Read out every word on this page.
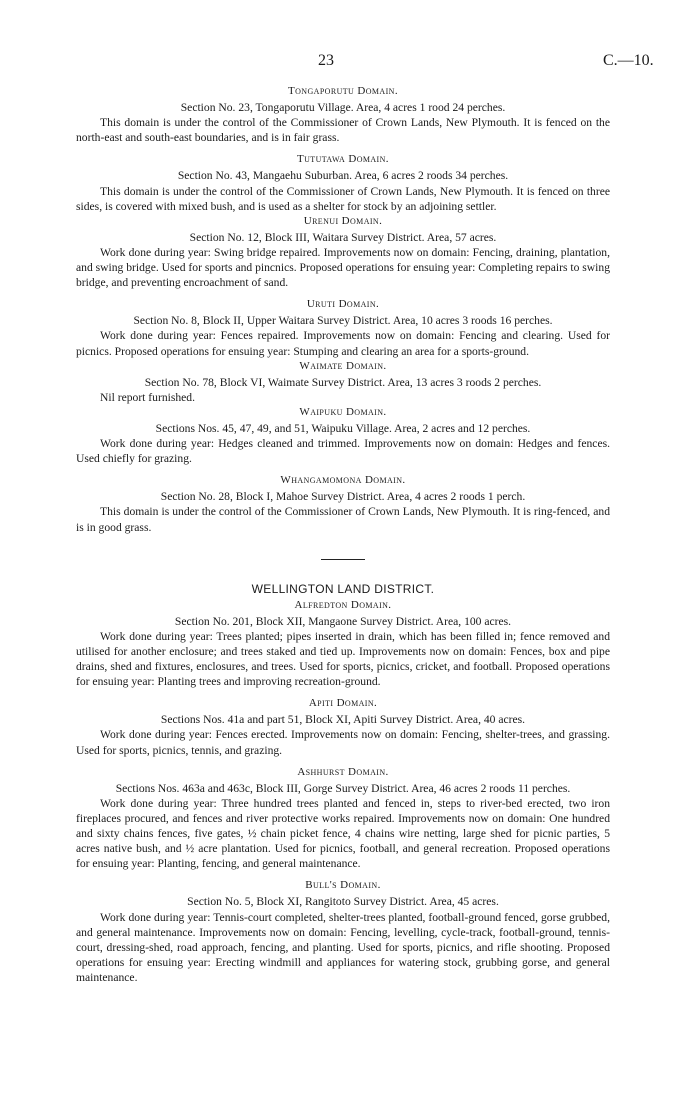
23	C.—10.

Tongaporutu Domain.

Section No. 23, Tongaporutu Village. Area, 4 acres 1 rood 24 perches.

This domain is under the control of the Commissioner of Crown Lands, New Plymouth. It is fenced on the north-east and south-east boundaries, and is in fair grass.

Tututawa Domain.

Section No. 43, Mangaehu Suburban. Area, 6 acres 2 roods 34 perches.

This domain is under the control of the Commissioner of Crown Lands, New Plymouth. It is fenced on three sides, is covered with mixed bush, and is used as a shelter for stock by an adjoining settler.

Urenui Domain.

Section No. 12, Block III, Waitara Survey District. Area, 57 acres.

Work done during year: Swing bridge repaired. Improvements now on domain: Fencing, draining, plantation, and swing bridge. Used for sports and pincnics. Proposed operations for ensuing year: Completing repairs to swing bridge, and preventing encroachment of sand.

Uruti Domain.

Section No. 8, Block II, Upper Waitara Survey District. Area, 10 acres 3 roods 16 perches.

Work done during year: Fences repaired. Improvements now on domain: Fencing and clearing. Used for picnics. Proposed operations for ensuing year: Stumping and clearing an area for a sports-ground.

Waimate Domain.

Section No. 78, Block VI, Waimate Survey District. Area, 13 acres 3 roods 2 perches.

Nil report furnished.

Waipuku Domain.

Sections Nos. 45, 47, 49, and 51, Waipuku Village. Area, 2 acres and 12 perches.

Work done during year: Hedges cleaned and trimmed. Improvements now on domain: Hedges and fences. Used chiefly for grazing.

Whangamomona Domain.

Section No. 28, Block I, Mahoe Survey District. Area, 4 acres 2 roods 1 perch.

This domain is under the control of the Commissioner of Crown Lands, New Plymouth. It is ring-fenced, and is in good grass.

WELLINGTON LAND DISTRICT.

Alfredton Domain.

Section No. 201, Block XII, Mangaone Survey District. Area, 100 acres.

Work done during year: Trees planted; pipes inserted in drain, which has been filled in; fence removed and utilised for another enclosure; and trees staked and tied up. Improvements now on domain: Fences, box and pipe drains, shed and fixtures, enclosures, and trees. Used for sports, picnics, cricket, and football. Proposed operations for ensuing year: Planting trees and improving recreation-ground.

Apiti Domain.

Sections Nos. 41a and part 51, Block XI, Apiti Survey District. Area, 40 acres.

Work done during year: Fences erected. Improvements now on domain: Fencing, shelter-trees, and grassing. Used for sports, picnics, tennis, and grazing.

Ashhurst Domain.

Sections Nos. 463a and 463c, Block III, Gorge Survey District. Area, 46 acres 2 roods 11 perches.

Work done during year: Three hundred trees planted and fenced in, steps to river-bed erected, two iron fireplaces procured, and fences and river protective works repaired. Improvements now on domain: One hundred and sixty chains fences, five gates, ½ chain picket fence, 4 chains wire netting, large shed for picnic parties, 5 acres native bush, and ½ acre plantation. Used for picnics, football, and general recreation. Proposed operations for ensuing year: Planting, fencing, and general maintenance.

Bull's Domain.

Section No. 5, Block XI, Rangitoto Survey District. Area, 45 acres.

Work done during year: Tennis-court completed, shelter-trees planted, football-ground fenced, gorse grubbed, and general maintenance. Improvements now on domain: Fencing, levelling, cycle-track, football-ground, tennis-court, dressing-shed, road approach, fencing, and planting. Used for sports, picnics, and rifle shooting. Proposed operations for ensuing year: Erecting windmill and appliances for watering stock, grubbing gorse, and general maintenance.
